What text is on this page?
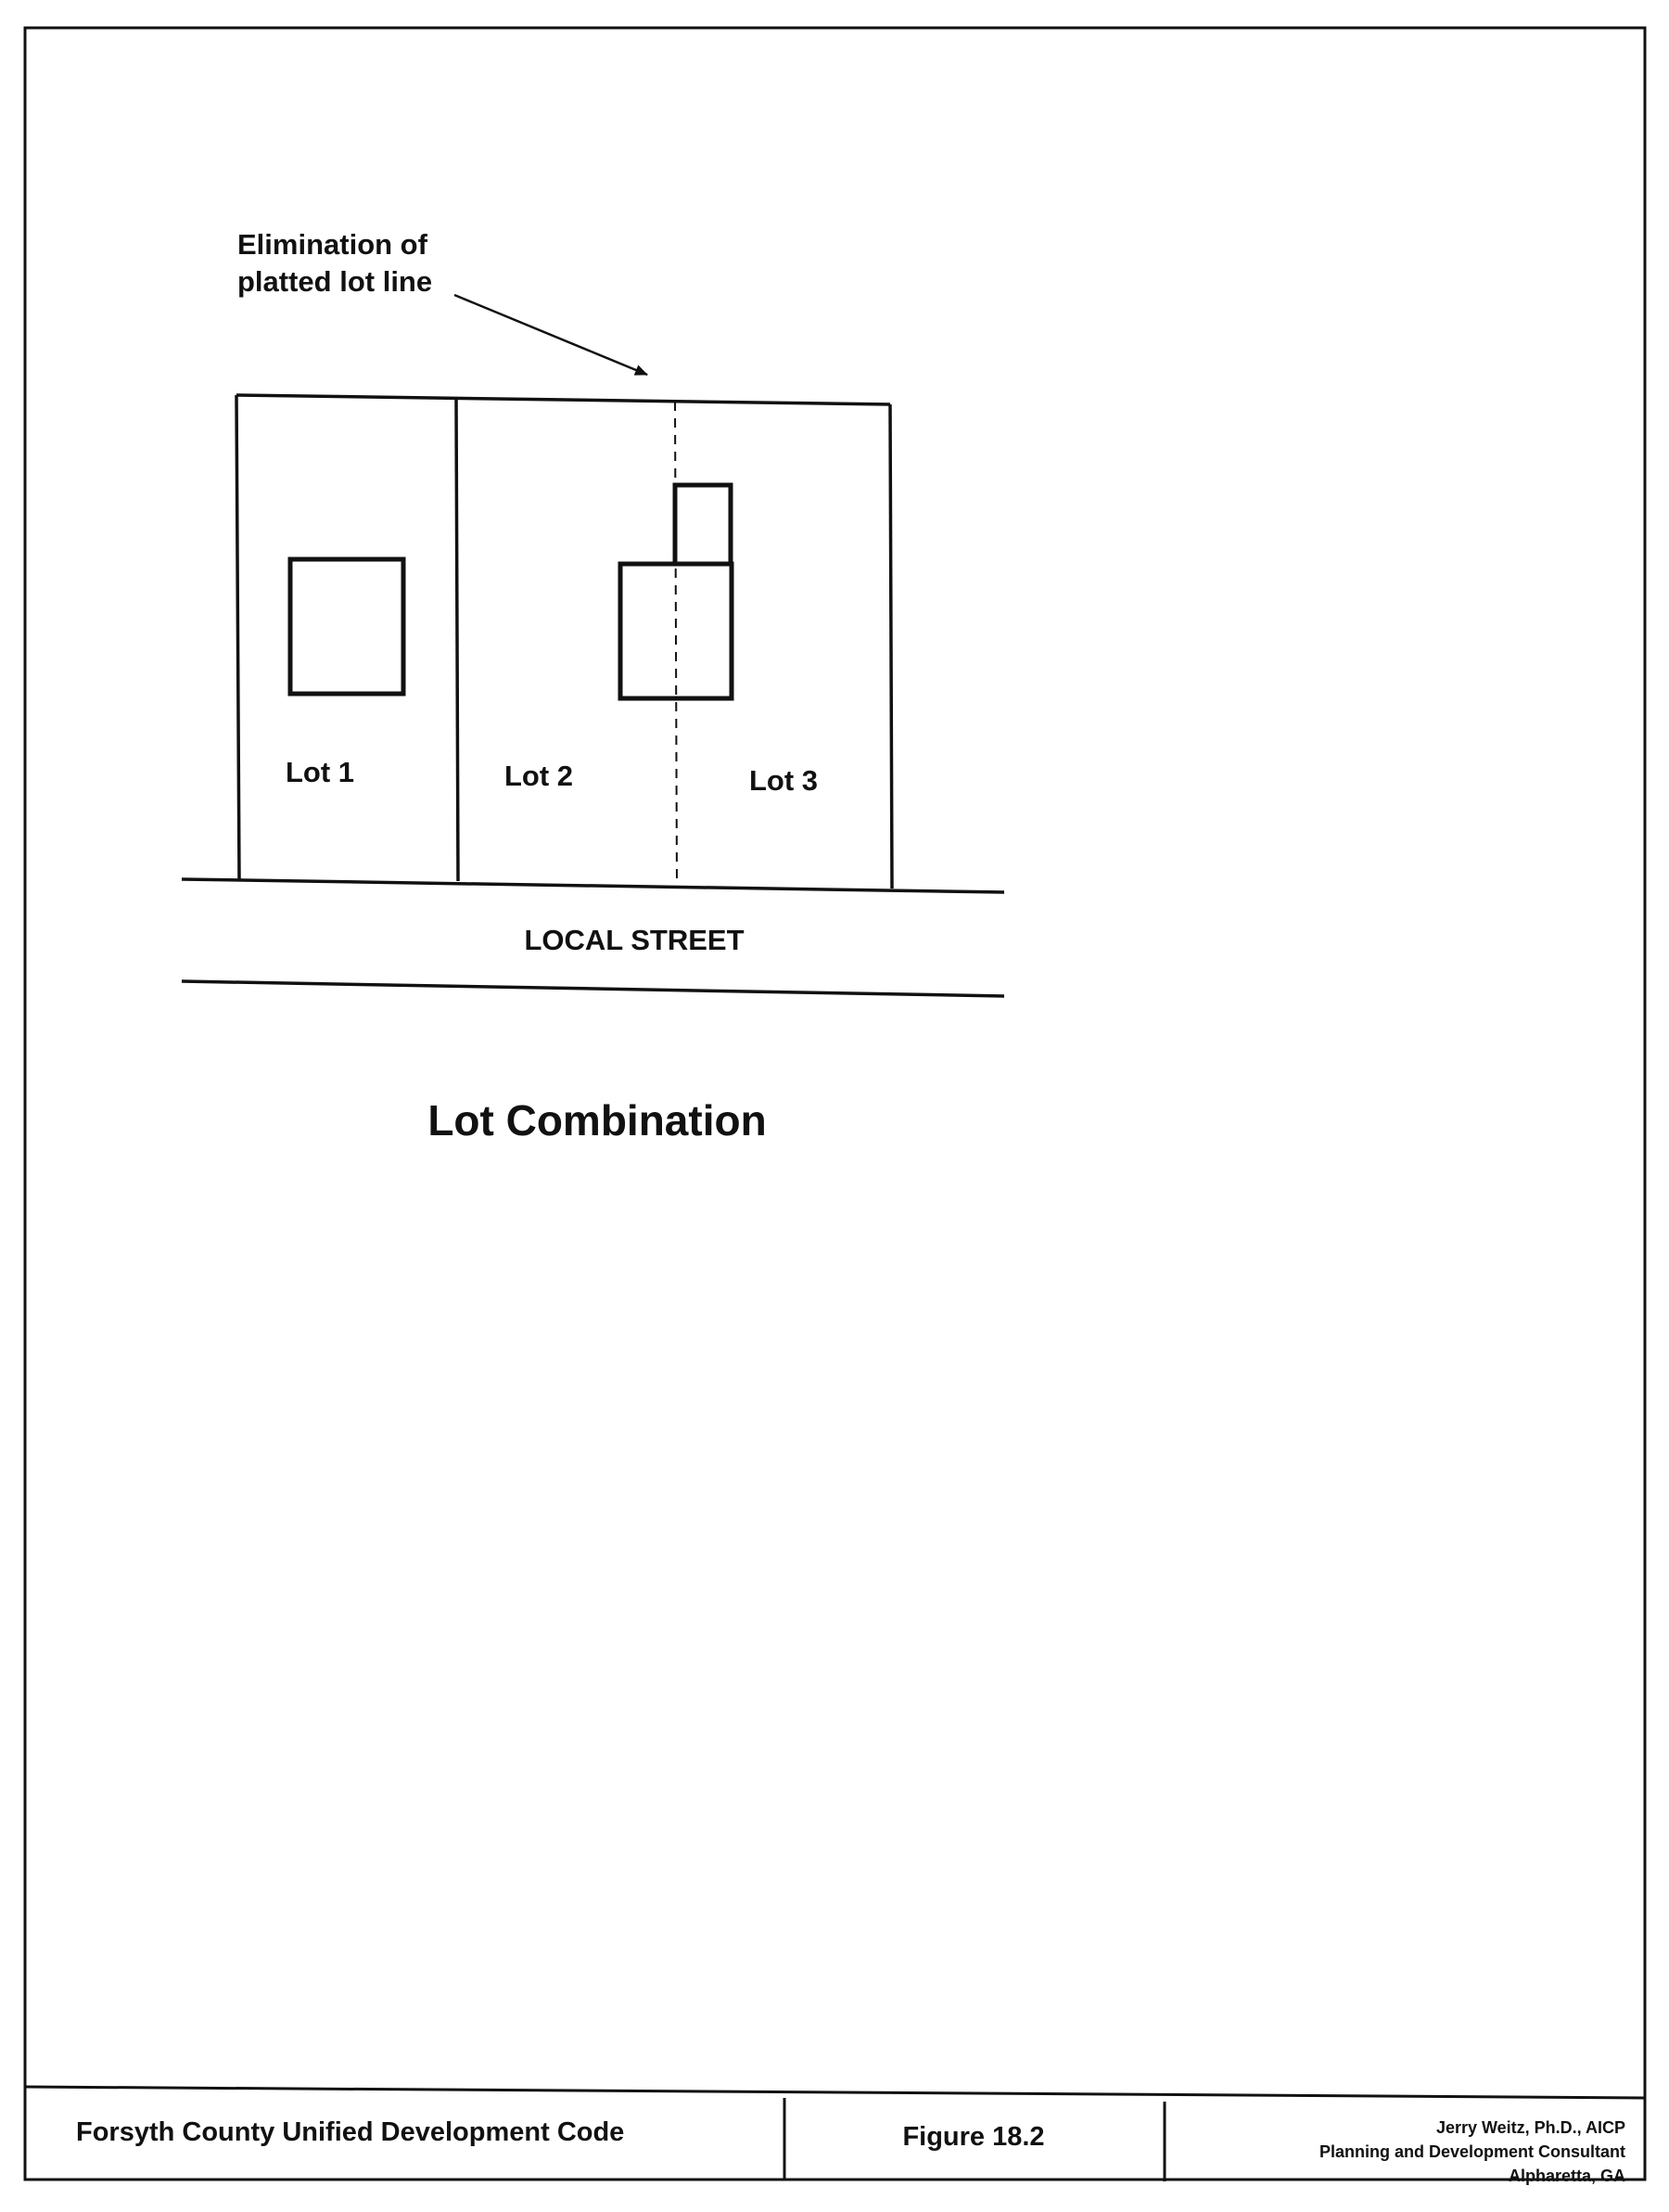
Elimination of
platted lot line
Lot 1	Lot 2	Lot 3
LOCAL STREET
Lot Combination
Forsyth County Unified Development Code	Figure 18.2	Jerry Weitz, Ph.D., AICP
Planning and Development Consultant
Alpharetta, GA
